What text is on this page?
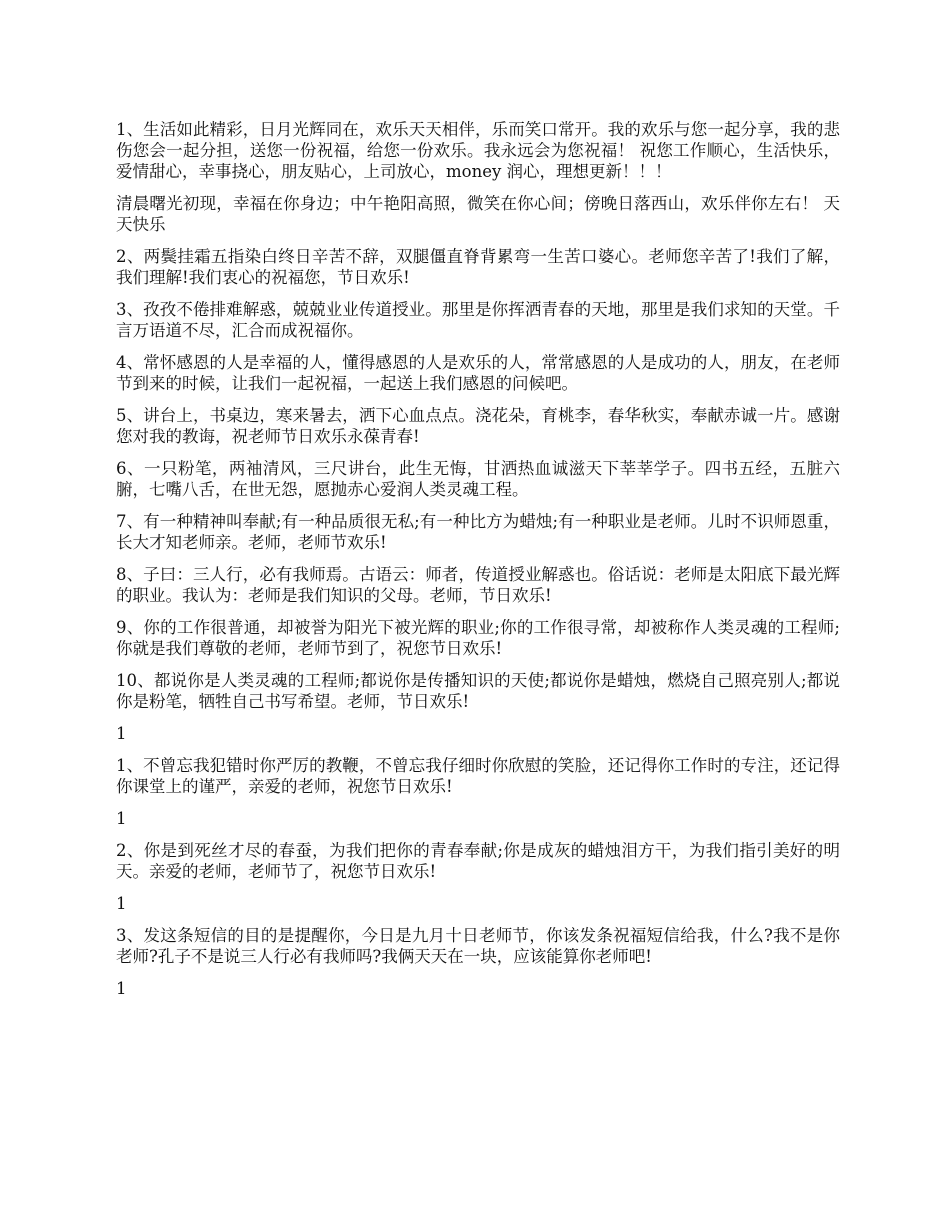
1、生活如此精彩，日月光辉同在，欢乐天天相伴，乐而笑口常开。我的欢乐与您一起分享，我的悲伤您会一起分担，送您一份祝福，给您一份欢乐。我永远会为您祝福！ 祝您工作顺心，生活快乐，爱情甜心，幸事挠心，朋友贴心，上司放心，money 润心，理想更新！！！

清晨曙光初现，幸福在你身边；中午艳阳高照，微笑在你心间；傍晚日落西山，欢乐伴你左右！ 天天快乐

2、两鬓挂霜五指染白终日辛苦不辞，双腿僵直脊背累弯一生苦口婆心。老师您辛苦了!我们了解，我们理解!我们衷心的祝福您，节日欢乐!

3、孜孜不倦排难解惑，兢兢业业传道授业。那里是你挥洒青春的天地，那里是我们求知的天堂。千言万语道不尽，汇合而成祝福你。

4、常怀感恩的人是幸福的人，懂得感恩的人是欢乐的人，常常感恩的人是成功的人，朋友，在老师节到来的时候，让我们一起祝福，一起送上我们感恩的问候吧。

5、讲台上，书桌边，寒来暑去，洒下心血点点。浇花朵，育桃李，春华秋实，奉献赤诚一片。感谢您对我的教诲，祝老师节日欢乐永葆青春!

6、一只粉笔，两袖清风，三尺讲台，此生无悔，甘洒热血诚滋天下莘莘学子。四书五经，五脏六腑，七嘴八舌，在世无怨，愿抛赤心爱润人类灵魂工程。

7、有一种精神叫奉献;有一种品质很无私;有一种比方为蜡烛;有一种职业是老师。儿时不识师恩重，长大才知老师亲。老师，老师节欢乐!

8、子曰：三人行，必有我师焉。古语云：师者，传道授业解惑也。俗话说：老师是太阳底下最光辉的职业。我认为：老师是我们知识的父母。老师，节日欢乐!

9、你的工作很普通，却被誉为阳光下被光辉的职业;你的工作很寻常，却被称作人类灵魂的工程师;你就是我们尊敬的老师，老师节到了，祝您节日欢乐!

10、都说你是人类灵魂的工程师;都说你是传播知识的天使;都说你是蜡烛，燃烧自己照亮别人;都说你是粉笔，牺牲自己书写希望。老师，节日欢乐!

1

1、不曾忘我犯错时你严厉的教鞭，不曾忘我仔细时你欣慰的笑脸，还记得你工作时的专注，还记得你课堂上的谨严，亲爱的老师，祝您节日欢乐!

1

2、你是到死丝才尽的春蚕，为我们把你的青春奉献;你是成灰的蜡烛泪方干，为我们指引美好的明天。亲爱的老师，老师节了，祝您节日欢乐!

1

3、发这条短信的目的是提醒你，今日是九月十日老师节，你该发条祝福短信给我，什么?我不是你老师?孔子不是说三人行必有我师吗?我俩天天在一块，应该能算你老师吧!

1
